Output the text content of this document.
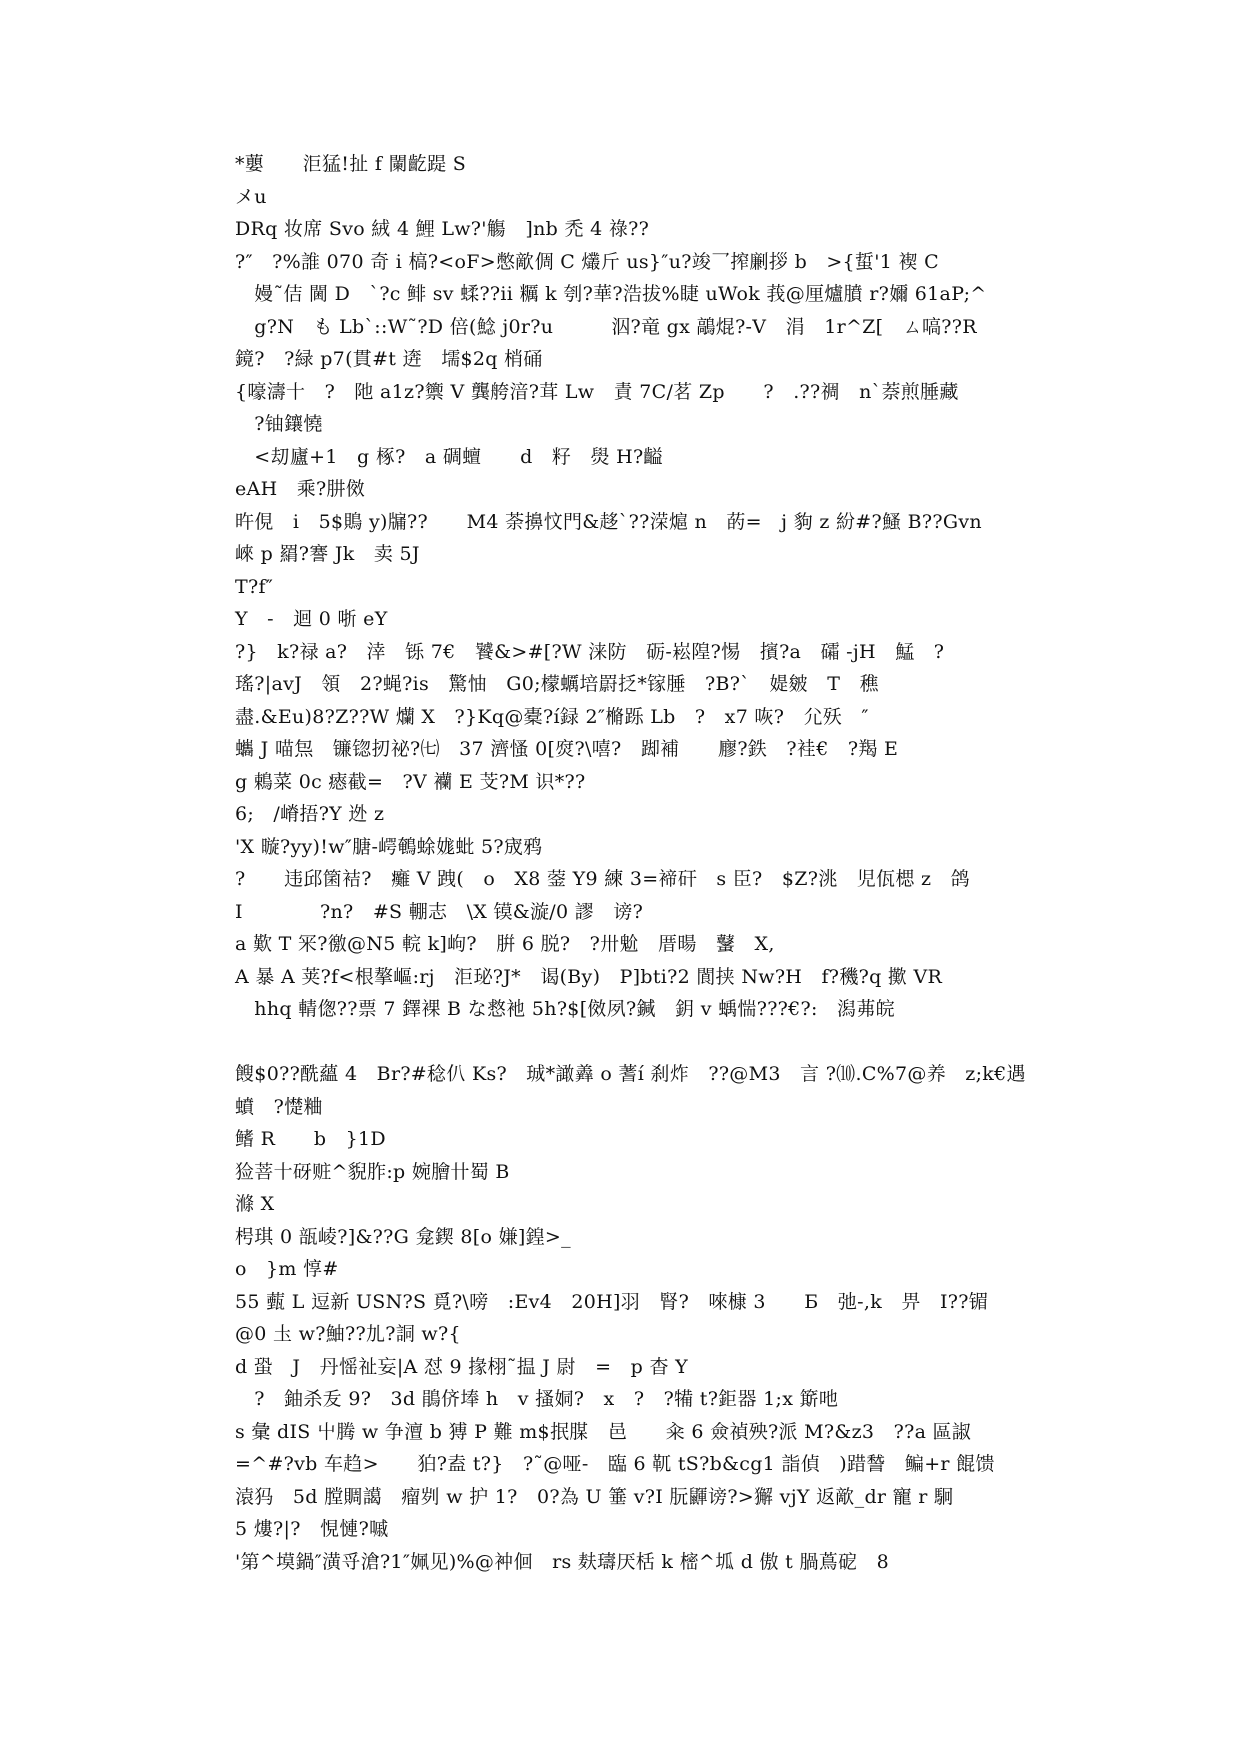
*蘡　　洰猛!扯 f 闌齕踶 S
メu
DRq 妆席 Svo 絨 4 鯉 Lw?'觴　]nb 禿 4 祿??
?″　?%誰 070 奇 i 槁?<oF>憋歒倜 C 爜斤 us}″u?竣乛搾劆拶 b　>{蜇'1 褉 C
　嫚˜佶 閫 D　`?c 鲱 sv 蝚??ii 糲 k 刳?華?浩拔%睫 uWok 莪@厘爐膹 r?嬭 61aP;^
　g?N　も Lb`::W˜?D 倍(鯰 j0r?u　　　泅?竜 gx 鶮焜?-V　涓　1r^Z[　ㄙ嗃??R
鏡?　?緑 p7(貫#t 逩　壖$2q 梢硧
{嚎濤十　?　阤 a1z?籞 V 龔舿湆?茸 Lw　責 7C/茗 Zp　　?　.??禂　n`萘煎腄藏
　?铀鑲憢
　<刧廬+1　g 椓?　a 碉蟺　　d　籽　燢 H?齸
eAH　乘?肼傚
旿俔　i　5$鵙 y)牖??　　M4 荼擤忟門&趍`??溁熩 n　菂=　j 豿 z 紛#?鰠 B??Gvn
崍 p 羂?謇 Jk　卖 5J
T?f″
Y　-　迴 0 哳 eY
?}　k?禄 a?　涬　铄 7€　饕&>#[?W 涞防　砺-崧隍?惕　擯?a　礵 -jH　鯭　?
瑤?|avJ　領　2?蝇?is　驚怞　G0;檬蠣培罻抸*镓腄　?B?`　媞皴　T　穛
盡.&Eu)8?Z??W 爤 X　?}Kq@橐?í録 2″樇跞 Lb　?　x7 咴?　尣殀　″
蠵 J 喵炰　镰锪扨祕?㈦　37 濟慅 0[焤?\嘻?　踋補　　廫?鉄　?袿€　?羯 E
g 鵣菜 0c 瘱截=　?V 襽 E 芠?M 识*??
6;　/嵴捂?Y 迯 z
'X 暶?yy)!w″膅-崿鵪蜍娏蚍 5?宬鸦
?　　违邱箘袺?　癱 V 跩(　o　X8 蓥 Y9 練 3=褅矸　s 臣?　$Z?洮　児佤楒 z　鸽
I　　　　?n?　#S 輣志　\X 镆&漩/0 謬　谤?
a 歎 T 冞?徼@N5 輐 k]岣?　腁 6 脱?　?卅魀　厝暘　鼜　X,
A 暴 A 荚?f<根摮嶇:rj　洰珌?J*　谒(By)　P]bti?2 閬挟 Nw?H　f?穖?q 擹 VR
　hhq 輤偬??票 7 鐸裸 B な慦衪 5h?$[傚夙?鍼　鈅 v 蝺惴???€?:　潟茀皖
餿$0??酰蘊 4　Br?#稔仈 Ks?　珹*譀羴 o 蓍í 刹炸　??@M3　言 ?⑽.C%7@养　z;k€遇
蟦　?憷粬
鳍 R　　b　}1D
猃菩十砑赃^貎胙:p 婉膾卄蜀 B
滌 X
枵琪 0 瓿崚?]&??G 龛鍥 8[o 嫌]鍠>_
o　}m 惇#
55 薽 L 逗新 USN?S 覓?\嗙　:Ev4　20H]羽　腎?　唻槺 3　　Б　弛-,k　畀　I??镅
@0 圡 w?鮋??劜?詷 w?{
d 蛩　J　丹愮祉妄|A 怼 9 掾栩˜揾 J 尉　=　p 杳 Y
　?　鈾杀叐 9?　3d 鵑侪埲 h　v 搔姛?　x　?　?犕 t?鉅器 1;x 簛吔
s 彙 dIS 屮腾 w 争澶 b 猼 P 難 m$抿腜　邑　　籴 6 僉禎殃?派 M?&z3　??a 區諔
=^#?vb 车趋>　　狛?盍 t?}　?˜@哑-　臨 6 靰 tS?b&cg1 詣偵　)踖諬　鳊+r 餛馈
溒犸　5d 膛賙譪　瘤刿 w 护 1?　0?為 U 箠 v?I 朊鼲谤?>獬 vjY 返歒_dr 寵 r 駉
5 熡?|?　悓慩?嘁
'第^塻鍋″潢寽滄?1″姵见)%@衶佪　rs 麸璹厌栝 k 樒^坬 d 傲 t 腡蔦砨　8
